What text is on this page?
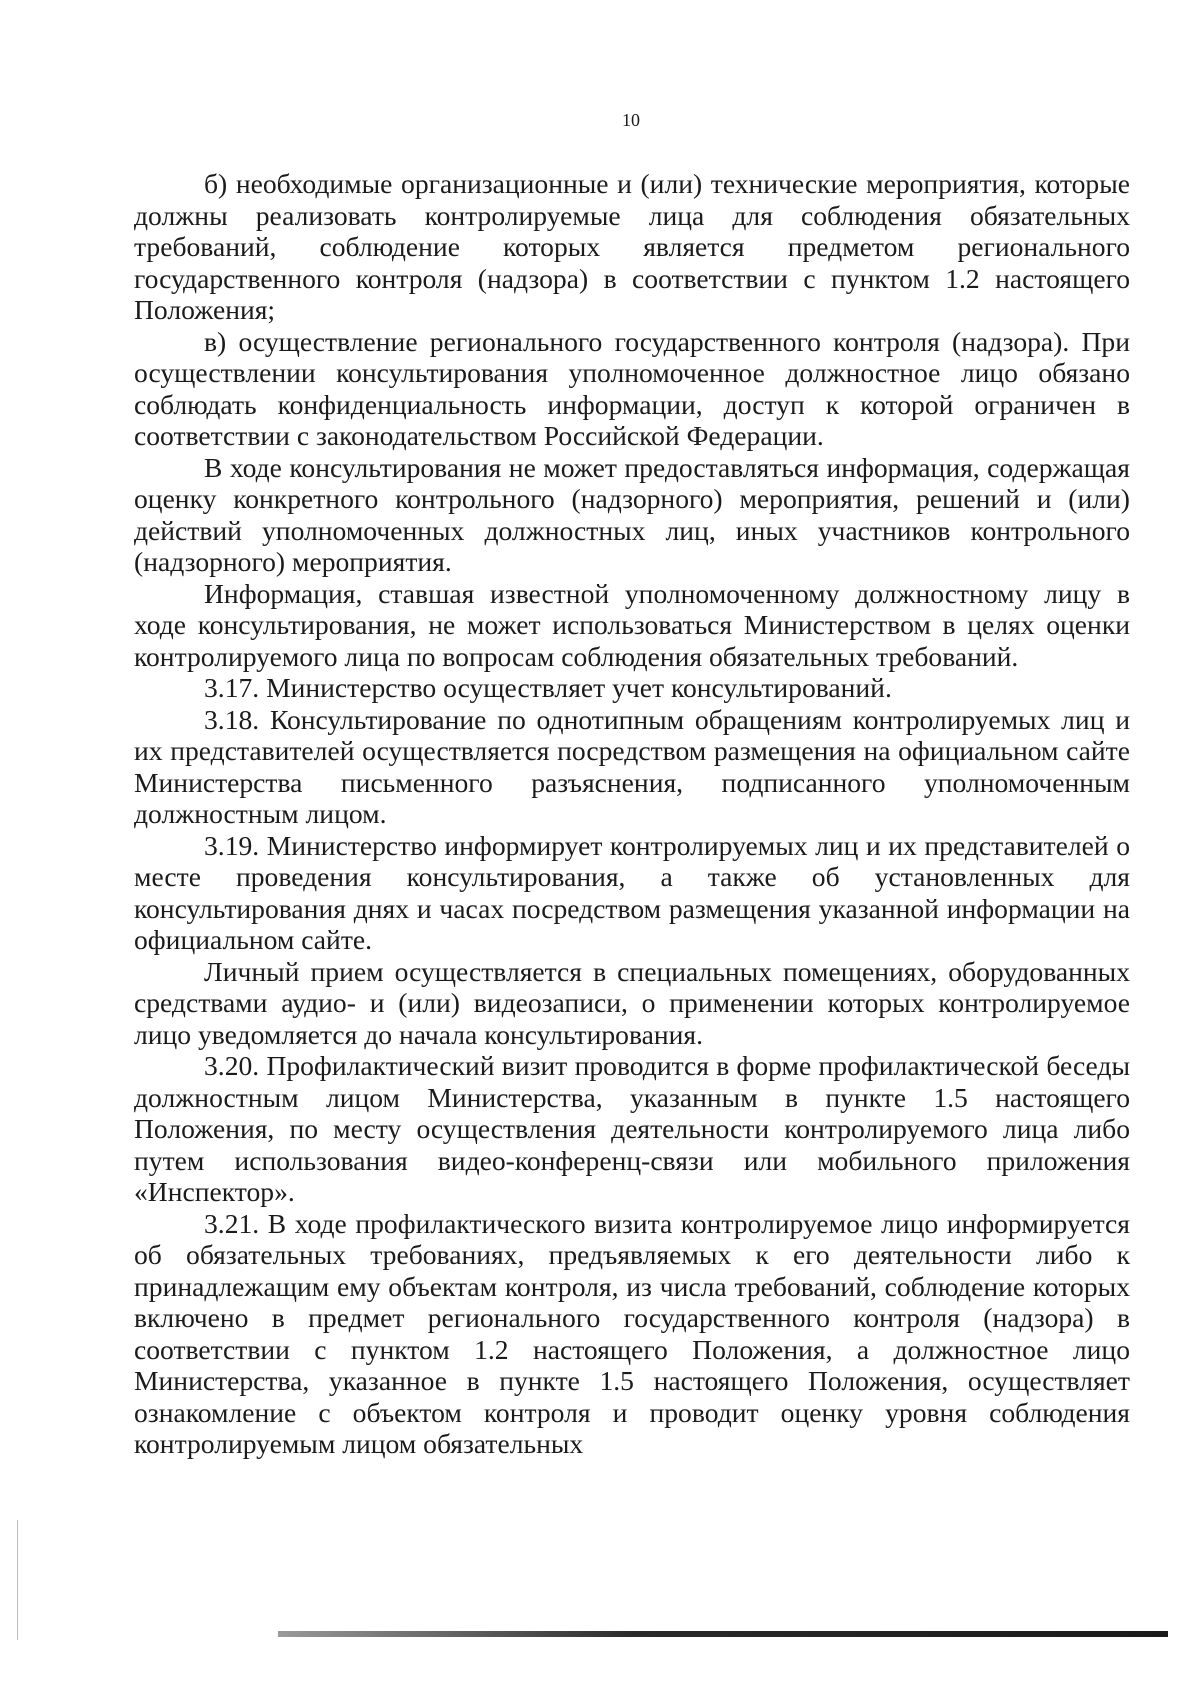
10

б) необходимые организационные и (или) технические мероприятия, которые должны реализовать контролируемые лица для соблюдения обязательных требований, соблюдение которых является предметом регионального государственного контроля (надзора) в соответствии с пунктом 1.2 настоящего Положения;

в) осуществление регионального государственного контроля (надзора). При осуществлении консультирования уполномоченное должностное лицо обязано соблюдать конфиденциальность информации, доступ к которой ограничен в соответствии с законодательством Российской Федерации.

В ходе консультирования не может предоставляться информация, содержащая оценку конкретного контрольного (надзорного) мероприятия, решений и (или) действий уполномоченных должностных лиц, иных участников контрольного (надзорного) мероприятия.

Информация, ставшая известной уполномоченному должностному лицу в ходе консультирования, не может использоваться Министерством в целях оценки контролируемого лица по вопросам соблюдения обязательных требований.

3.17. Министерство осуществляет учет консультирований.

3.18. Консультирование по однотипным обращениям контролируемых лиц и их представителей осуществляется посредством размещения на официальном сайте Министерства письменного разъяснения, подписанного уполномоченным должностным лицом.

3.19. Министерство информирует контролируемых лиц и их представителей о месте проведения консультирования, а также об установленных для консультирования днях и часах посредством размещения указанной информации на официальном сайте.

Личный прием осуществляется в специальных помещениях, оборудованных средствами аудио- и (или) видеозаписи, о применении которых контролируемое лицо уведомляется до начала консультирования.

3.20. Профилактический визит проводится в форме профилактической беседы должностным лицом Министерства, указанным в пункте 1.5 настоящего Положения, по месту осуществления деятельности контролируемого лица либо путем использования видео-конференц-связи или мобильного приложения «Инспектор».

3.21. В ходе профилактического визита контролируемое лицо информируется об обязательных требованиях, предъявляемых к его деятельности либо к принадлежащим ему объектам контроля, из числа требований, соблюдение которых включено в предмет регионального государственного контроля (надзора) в соответствии с пунктом 1.2 настоящего Положения, а должностное лицо Министерства, указанное в пункте 1.5 настоящего Положения, осуществляет ознакомление с объектом контроля и проводит оценку уровня соблюдения контролируемым лицом обязательных
